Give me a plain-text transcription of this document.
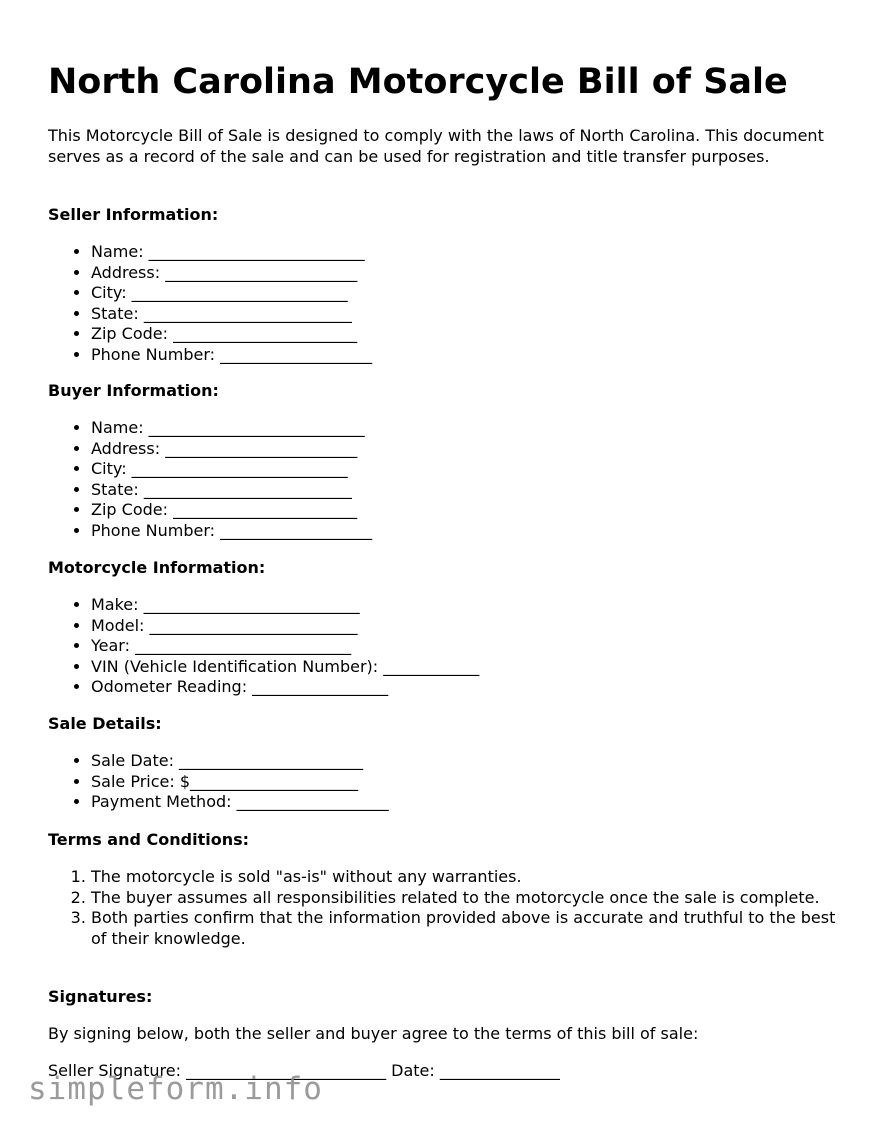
North Carolina Motorcycle Bill of Sale

This Motorcycle Bill of Sale is designed to comply with the laws of North Carolina. This document serves as a record of the sale and can be used for registration and title transfer purposes.

Seller Information:
• Name: ___________________________
• Address: ________________________
• City: ___________________________
• State: __________________________
• Zip Code: _______________________
• Phone Number: ___________________
Buyer Information:
• Name: ___________________________
• Address: ________________________
• City: ___________________________
• State: __________________________
• Zip Code: _______________________
• Phone Number: ___________________
Motorcycle Information:
• Make: ___________________________
• Model: __________________________
• Year: ___________________________
• VIN (Vehicle Identification Number): ____________
• Odometer Reading: _________________
Sale Details:
• Sale Date: _______________________
• Sale Price: $_____________________
• Payment Method: ___________________
Terms and Conditions:
1. The motorcycle is sold "as-is" without any warranties.
2. The buyer assumes all responsibilities related to the motorcycle once the sale is complete.
3. Both parties confirm that the information provided above is accurate and truthful to the best of their knowledge.
Signatures:

By signing below, both the seller and buyer agree to the terms of this bill of sale:

Seller Signature: _________________________ Date: _______________

simpleform.info
